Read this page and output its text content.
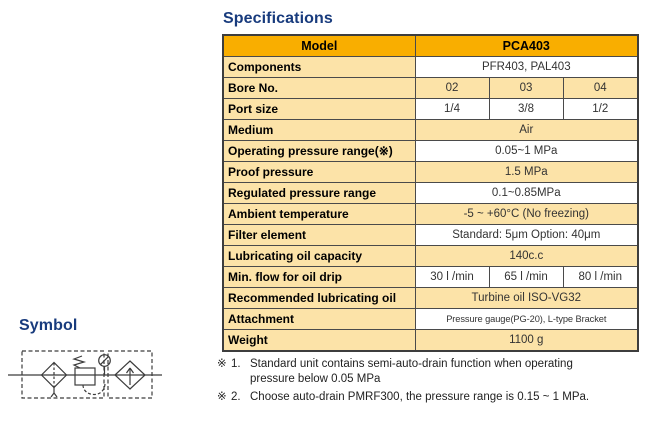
Specifications
Model	PCA403		
Components	PFR403, PAL403		
Bore No.	02	03	04
Port size	1/4	3/8	1/2
Medium	Air		
Operating pressure range(※)	0.05~1 MPa		
Proof pressure	1.5 MPa		
Regulated pressure range	0.1~0.85MPa		
Ambient temperature	-5 ~ +60°C (No freezing)		
Filter element	Standard: 5μm Option: 40μm		
Lubricating oil capacity	140c.c		
Min. flow for oil drip	30 l /min	65 l /min	80 l /min
Recommended lubricating oil	Turbine oil ISO-VG32		
Attachment	Pressure gauge(PG-20), L-type Bracket		
Weight	1100 g		
※ 1. Standard unit contains semi-auto-drain function when operating pressure below 0.05 MPa
※ 2. Choose auto-drain PMRF300, the pressure range is 0.15 ~ 1 MPa.
Symbol
